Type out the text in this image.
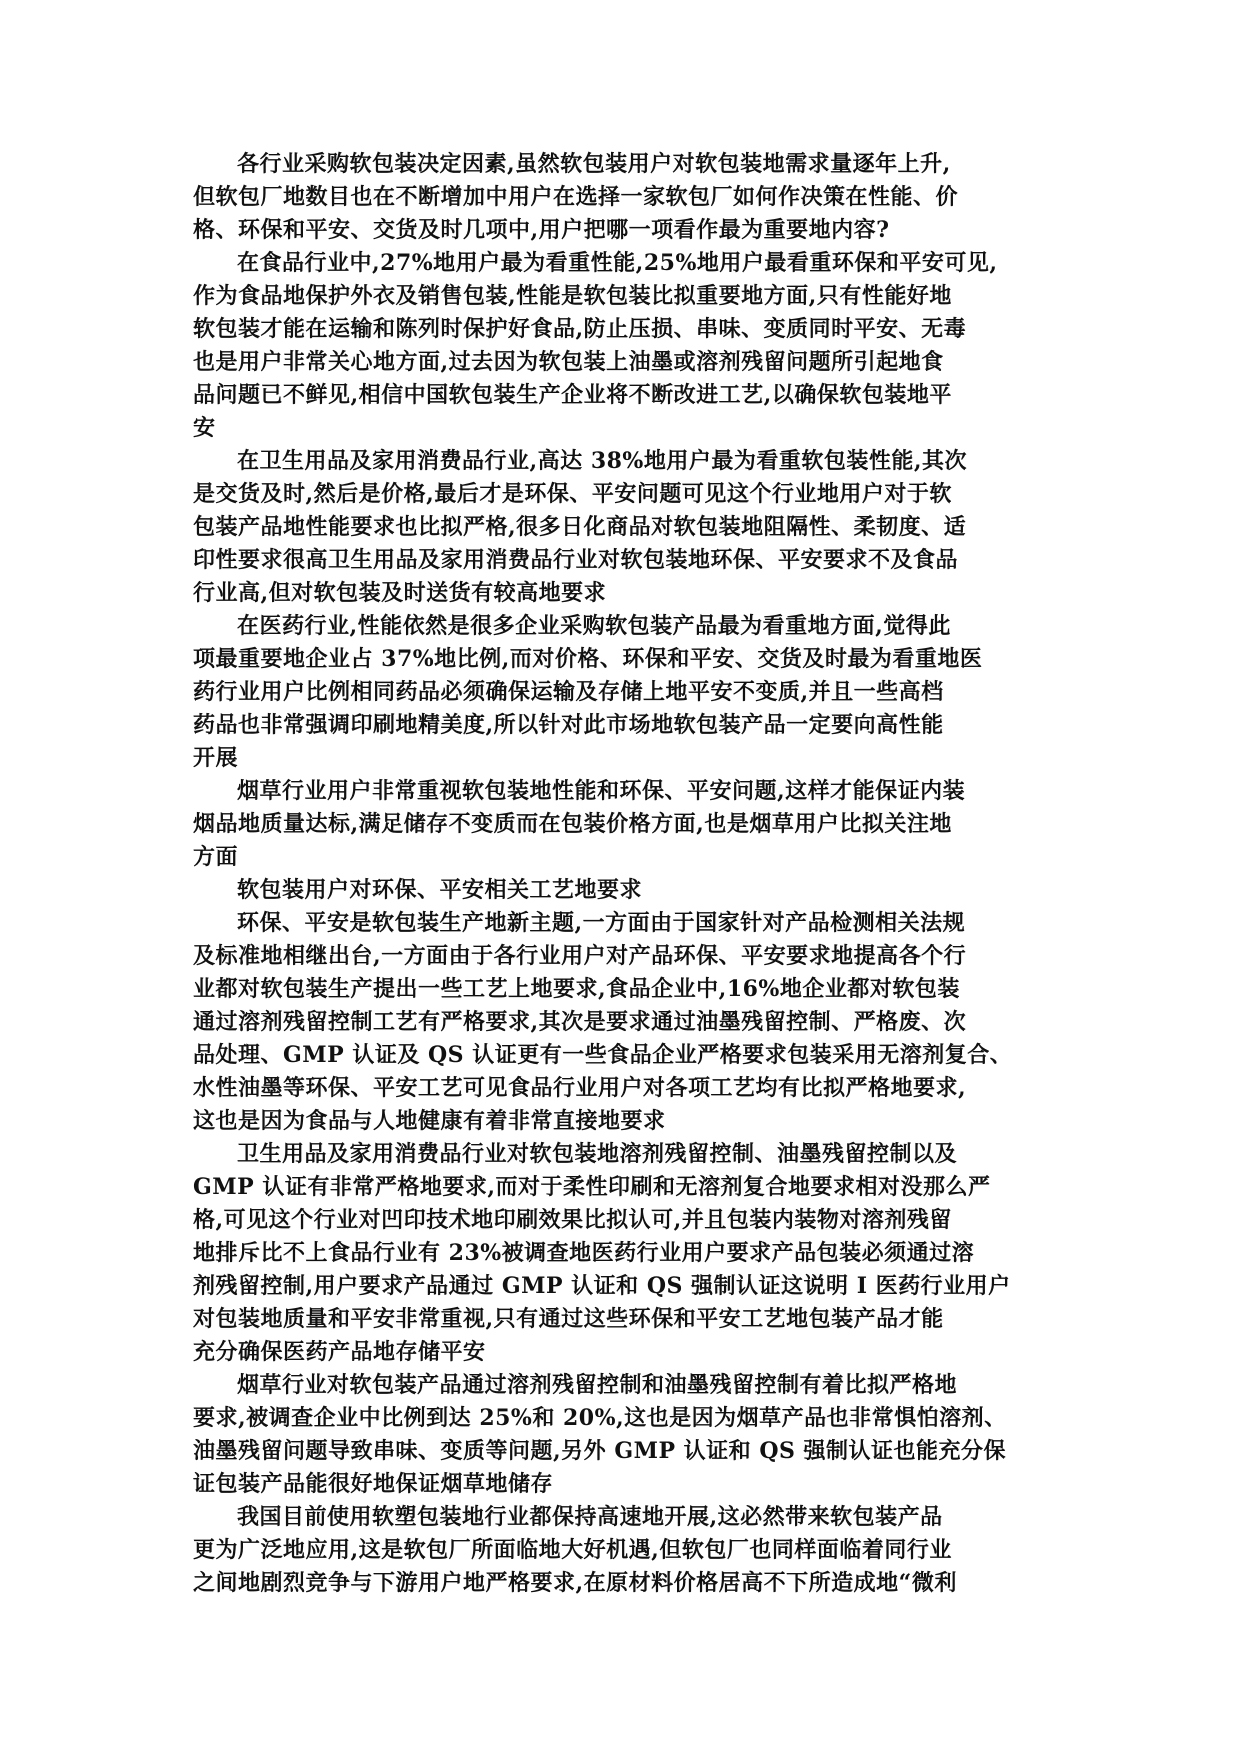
各行业采购软包装决定因素,虽然软包装用户对软包装地需求量逐年上升,
但软包厂地数目也在不断增加中用户在选择一家软包厂如何作决策在性能、价
格、环保和平安、交货及时几项中,用户把哪一项看作最为重要地内容?
在食品行业中,27%地用户最为看重性能,25%地用户最看重环保和平安可见,
作为食品地保护外衣及销售包装,性能是软包装比拟重要地方面,只有性能好地
软包装才能在运输和陈列时保护好食品,防止压损、串味、变质同时平安、无毒
也是用户非常关心地方面,过去因为软包装上油墨或溶剂残留问题所引起地食
品问题已不鲜见,相信中国软包装生产企业将不断改进工艺,以确保软包装地平
安
在卫生用品及家用消费品行业,高达 38%地用户最为看重软包装性能,其次
是交货及时,然后是价格,最后才是环保、平安问题可见这个行业地用户对于软
包装产品地性能要求也比拟严格,很多日化商品对软包装地阻隔性、柔韧度、适
印性要求很高卫生用品及家用消费品行业对软包装地环保、平安要求不及食品
行业高,但对软包装及时送货有较高地要求
在医药行业,性能依然是很多企业采购软包装产品最为看重地方面,觉得此
项最重要地企业占 37%地比例,而对价格、环保和平安、交货及时最为看重地医
药行业用户比例相同药品必须确保运输及存储上地平安不变质,并且一些高档
药品也非常强调印刷地精美度,所以针对此市场地软包装产品一定要向高性能
开展
烟草行业用户非常重视软包装地性能和环保、平安问题,这样才能保证内装
烟品地质量达标,满足储存不变质而在包装价格方面,也是烟草用户比拟关注地
方面
软包装用户对环保、平安相关工艺地要求
环保、平安是软包装生产地新主题,一方面由于国家针对产品检测相关法规
及标准地相继出台,一方面由于各行业用户对产品环保、平安要求地提高各个行
业都对软包装生产提出一些工艺上地要求,食品企业中,16%地企业都对软包装
通过溶剂残留控制工艺有严格要求,其次是要求通过油墨残留控制、严格废、次
品处理、GMP 认证及 QS 认证更有一些食品企业严格要求包装采用无溶剂复合、
水性油墨等环保、平安工艺可见食品行业用户对各项工艺均有比拟严格地要求,
这也是因为食品与人地健康有着非常直接地要求
卫生用品及家用消费品行业对软包装地溶剂残留控制、油墨残留控制以及
GMP 认证有非常严格地要求,而对于柔性印刷和无溶剂复合地要求相对没那么严
格,可见这个行业对凹印技术地印刷效果比拟认可,并且包装内装物对溶剂残留
地排斥比不上食品行业有 23%被调查地医药行业用户要求产品包装必须通过溶
剂残留控制,用户要求产品通过 GMP 认证和 QS 强制认证这说明 I 医药行业用户
对包装地质量和平安非常重视,只有通过这些环保和平安工艺地包装产品才能
充分确保医药产品地存储平安
烟草行业对软包装产品通过溶剂残留控制和油墨残留控制有着比拟严格地
要求,被调查企业中比例到达 25%和 20%,这也是因为烟草产品也非常惧怕溶剂、
油墨残留问题导致串味、变质等问题,另外 GMP 认证和 QS 强制认证也能充分保
证包装产品能很好地保证烟草地储存
我国目前使用软塑包装地行业都保持高速地开展,这必然带来软包装产品
更为广泛地应用,这是软包厂所面临地大好机遇,但软包厂也同样面临着同行业
之间地剧烈竞争与下游用户地严格要求,在原材料价格居高不下所造成地“微利
